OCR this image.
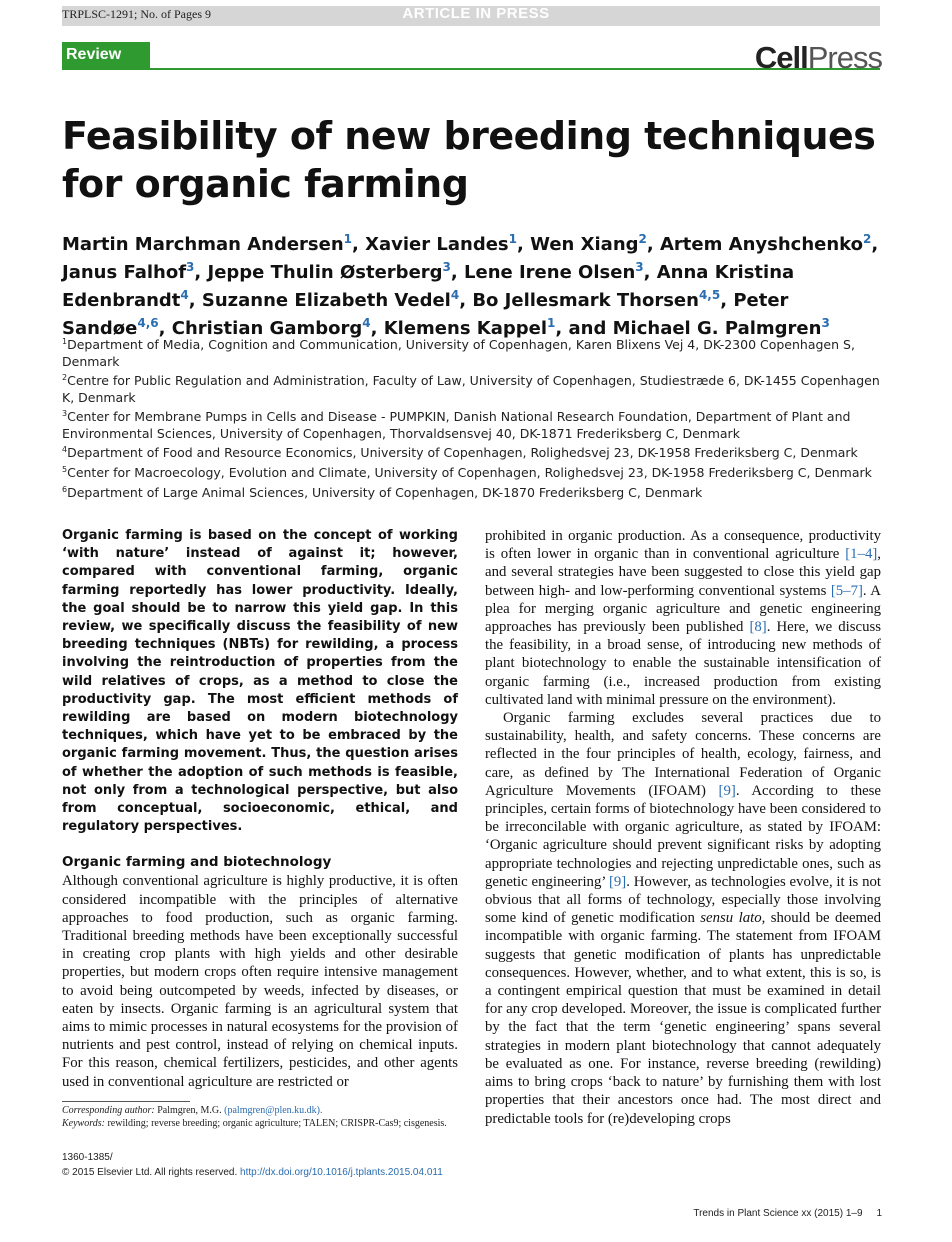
TRPLSC-1291; No. of Pages 9	ARTICLE IN PRESS
Review	CellPress
Feasibility of new breeding techniques for organic farming
Martin Marchman Andersen$^1$, Xavier Landes$^1$, Wen Xiang$^2$, Artem Anyshchenko$^2$, Janus Falhof$^3$, Jeppe Thulin Østerberg$^3$, Lene Irene Olsen$^3$, Anna Kristina Edenbrandt$^4$, Suzanne Elizabeth Vedel$^4$, Bo Jellesmark Thorsen$^{4,5}$, Peter Sandøe$^{4,6}$, Christian Gamborg$^4$, Klemens Kappel$^1$, and Michael G. Palmgren$^3$
$^1$Department of Media, Cognition and Communication, University of Copenhagen, Karen Blixens Vej 4, DK-2300 Copenhagen S, Denmark
$^2$Centre for Public Regulation and Administration, Faculty of Law, University of Copenhagen, Studiestræde 6, DK-1455 Copenhagen K, Denmark
$^3$Center for Membrane Pumps in Cells and Disease - PUMPKIN, Danish National Research Foundation, Department of Plant and Environmental Sciences, University of Copenhagen, Thorvaldsensvej 40, DK-1871 Frederiksberg C, Denmark
$^4$Department of Food and Resource Economics, University of Copenhagen, Rolighedsvej 23, DK-1958 Frederiksberg C, Denmark
$^5$Center for Macroecology, Evolution and Climate, University of Copenhagen, Rolighedsvej 23, DK-1958 Frederiksberg C, Denmark
$^6$Department of Large Animal Sciences, University of Copenhagen, DK-1870 Frederiksberg C, Denmark

Organic farming is based on the concept of working ‘with nature’ instead of against it; however, compared with conventional farming, organic farming reportedly has lower productivity. Ideally, the goal should be to narrow this yield gap. In this review, we specifically discuss the feasibility of new breeding techniques (NBTs) for rewilding, a process involving the reintroduction of properties from the wild relatives of crops, as a method to close the productivity gap. The most efficient methods of rewilding are based on modern biotechnology techniques, which have yet to be embraced by the organic farming movement. Thus, the question arises of whether the adoption of such methods is feasible, not only from a technological perspective, but also from conceptual, socioeconomic, ethical, and regulatory perspectives.

Organic farming and biotechnology

Although conventional agriculture is highly productive, it is often considered incompatible with the principles of alternative approaches to food production, such as organic farming. Traditional breeding methods have been exceptionally successful in creating crop plants with high yields and other desirable properties, but modern crops often require intensive management to avoid being outcompeted by weeds, infected by diseases, or eaten by insects. Organic farming is an agricultural system that aims to mimic processes in natural ecosystems for the provision of nutrients and pest control, instead of relying on chemical inputs. For this reason, chemical fertilizers, pesticides, and other agents used in conventional agriculture are restricted or

prohibited in organic production. As a consequence, productivity is often lower in organic than in conventional agriculture [1–4], and several strategies have been suggested to close this yield gap between high- and low-performing conventional systems [5–7]. A plea for merging organic agriculture and genetic engineering approaches has previously been published [8]. Here, we discuss the feasibility, in a broad sense, of introducing new methods of plant biotechnology to enable the sustainable intensification of organic farming (i.e., increased production from existing cultivated land with minimal pressure on the environment).

Organic farming excludes several practices due to sustainability, health, and safety concerns. These concerns are reflected in the four principles of health, ecology, fairness, and care, as defined by The International Federation of Organic Agriculture Movements (IFOAM) [9]. According to these principles, certain forms of biotechnology have been considered to be irreconcilable with organic agriculture, as stated by IFOAM: ‘Organic agriculture should prevent significant risks by adopting appropriate technologies and rejecting unpredictable ones, such as genetic engineering’ [9]. However, as technologies evolve, it is not obvious that all forms of technology, especially those involving some kind of genetic modification sensu lato, should be deemed incompatible with organic farming. The statement from IFOAM suggests that genetic modification of plants has unpredictable consequences. However, whether, and to what extent, this is so, is a contingent empirical question that must be examined in detail for any crop developed. Moreover, the issue is complicated further by the fact that the term ‘genetic engineering’ spans several strategies in modern plant biotechnology that cannot adequately be evaluated as one. For instance, reverse breeding (rewilding) aims to bring crops ‘back to nature’ by furnishing them with lost properties that their ancestors once had. The most direct and predictable tools for (re)developing crops

Corresponding author: Palmgren, M.G. (palmgren@plen.ku.dk).
Keywords: rewilding; reverse breeding; organic agriculture; TALEN; CRISPR-Cas9; cisgenesis.
1360-1385/
© 2015 Elsevier Ltd. All rights reserved. http://dx.doi.org/10.1016/j.tplants.2015.04.011
Trends in Plant Science xx (2015) 1–9 1
